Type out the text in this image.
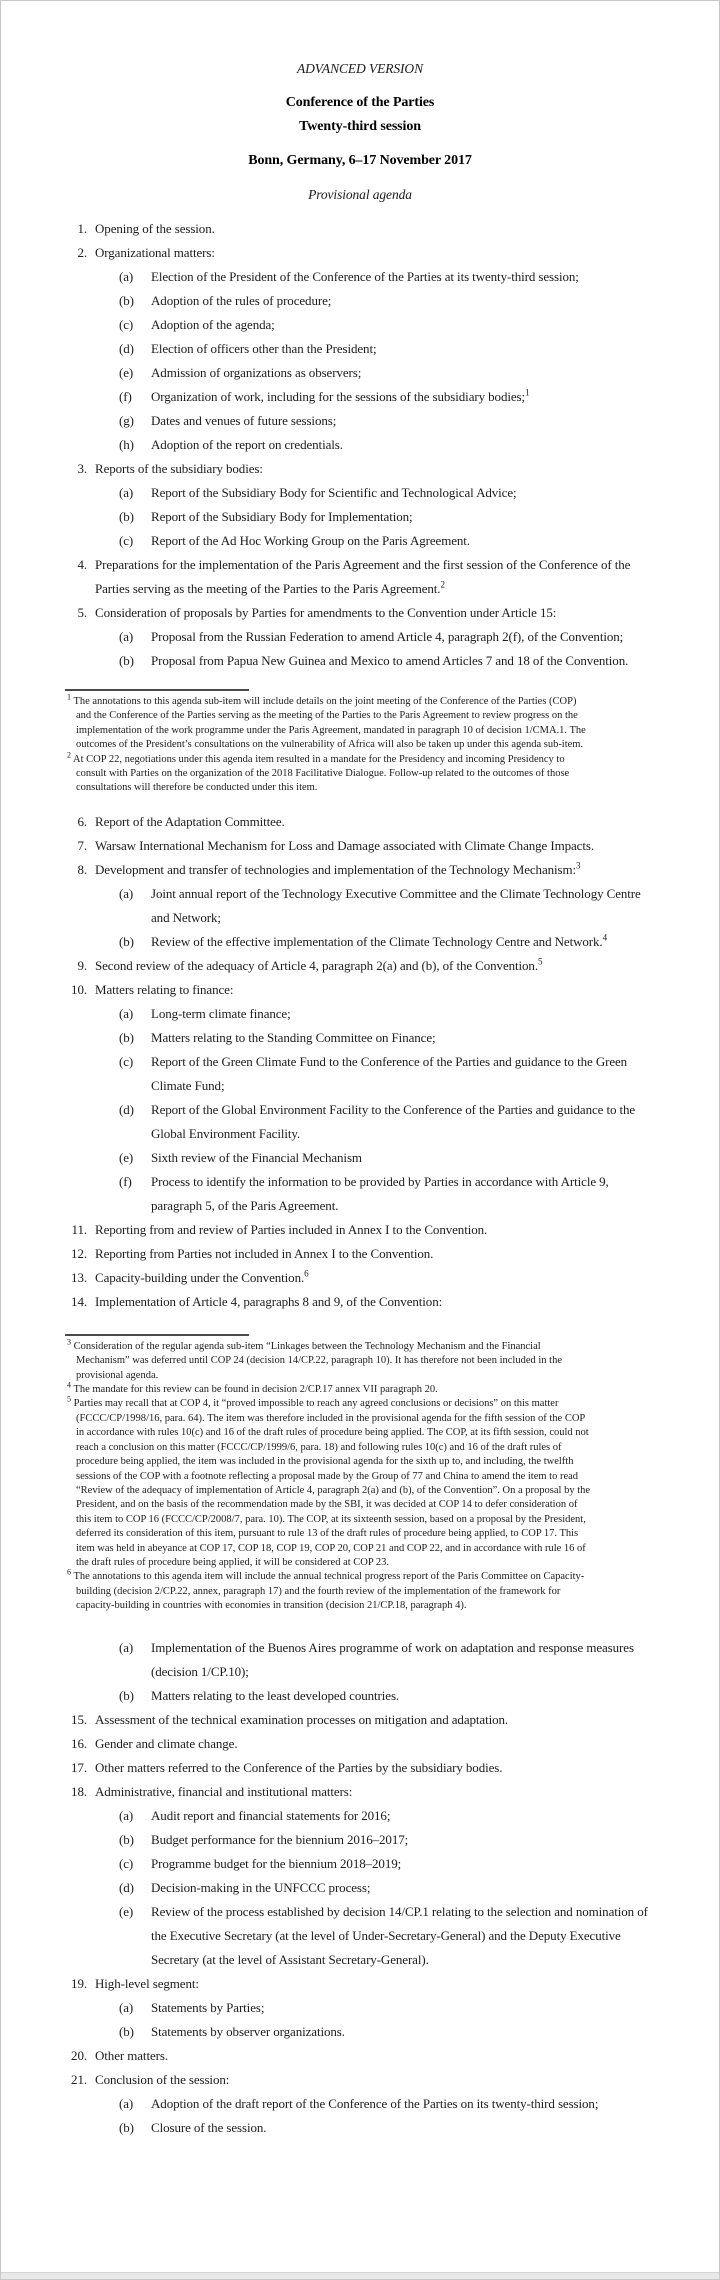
ADVANCED VERSION
Conference of the Parties
Twenty-third session
Bonn, Germany, 6–17 November 2017
Provisional agenda
1. Opening of the session.
2. Organizational matters:
(a)	Election of the President of the Conference of the Parties at its twenty-third session;
(b)	Adoption of the rules of procedure;
(c)	Adoption of the agenda;
(d)	Election of officers other than the President;
(e)	Admission of organizations as observers;
(f)	Organization of work, including for the sessions of the subsidiary bodies;$^1$
(g)	Dates and venues of future sessions;
(h)	Adoption of the report on credentials.
3. Reports of the subsidiary bodies:
(a)	Report of the Subsidiary Body for Scientific and Technological Advice;
(b)	Report of the Subsidiary Body for Implementation;
(c)	Report of the Ad Hoc Working Group on the Paris Agreement.
4. Preparations for the implementation of the Paris Agreement and the first session of the Conference of the Parties serving as the meeting of the Parties to the Paris Agreement.$^2$
5. Consideration of proposals by Parties for amendments to the Convention under Article 15:
(a)	Proposal from the Russian Federation to amend Article 4, paragraph 2(f), of the Convention;
(b)	Proposal from Papua New Guinea and Mexico to amend Articles 7 and 18 of the Convention.
$^1$ The annotations to this agenda sub-item will include details on the joint meeting of the Conference of the Parties (COP) and the Conference of the Parties serving as the meeting of the Parties to the Paris Agreement to review progress on the implementation of the work programme under the Paris Agreement, mandated in paragraph 10 of decision 1/CMA.1. The outcomes of the President’s consultations on the vulnerability of Africa will also be taken up under this agenda sub-item.
$^2$ At COP 22, negotiations under this agenda item resulted in a mandate for the Presidency and incoming Presidency to consult with Parties on the organization of the 2018 Facilitative Dialogue. Follow-up related to the outcomes of those consultations will therefore be conducted under this item.
6. Report of the Adaptation Committee.
7. Warsaw International Mechanism for Loss and Damage associated with Climate Change Impacts.
8. Development and transfer of technologies and implementation of the Technology Mechanism:$^3$
(a)	Joint annual report of the Technology Executive Committee and the Climate Technology Centre and Network;
(b)	Review of the effective implementation of the Climate Technology Centre and Network.$^4$
9. Second review of the adequacy of Article 4, paragraph 2(a) and (b), of the Convention.$^5$
10. Matters relating to finance:
(a)	Long-term climate finance;
(b)	Matters relating to the Standing Committee on Finance;
(c)	Report of the Green Climate Fund to the Conference of the Parties and guidance to the Green Climate Fund;
(d)	Report of the Global Environment Facility to the Conference of the Parties and guidance to the Global Environment Facility.
(e)	Sixth review of the Financial Mechanism
(f)	Process to identify the information to be provided by Parties in accordance with Article 9, paragraph 5, of the Paris Agreement.
11. Reporting from and review of Parties included in Annex I to the Convention.
12. Reporting from Parties not included in Annex I to the Convention.
13. Capacity-building under the Convention.$^6$
14. Implementation of Article 4, paragraphs 8 and 9, of the Convention:
$^3$ Consideration of the regular agenda sub-item “Linkages between the Technology Mechanism and the Financial Mechanism” was deferred until COP 24 (decision 14/CP.22, paragraph 10). It has therefore not been included in the provisional agenda.
$^4$ The mandate for this review can be found in decision 2/CP.17 annex VII paragraph 20.
$^5$ Parties may recall that at COP 4, it “proved impossible to reach any agreed conclusions or decisions” on this matter (FCCC/CP/1998/16, para. 64). The item was therefore included in the provisional agenda for the fifth session of the COP in accordance with rules 10(c) and 16 of the draft rules of procedure being applied. The COP, at its fifth session, could not reach a conclusion on this matter (FCCC/CP/1999/6, para. 18) and following rules 10(c) and 16 of the draft rules of procedure being applied, the item was included in the provisional agenda for the sixth up to, and including, the twelfth sessions of the COP with a footnote reflecting a proposal made by the Group of 77 and China to amend the item to read “Review of the adequacy of implementation of Article 4, paragraph 2(a) and (b), of the Convention”. On a proposal by the President, and on the basis of the recommendation made by the SBI, it was decided at COP 14 to defer consideration of this item to COP 16 (FCCC/CP/2008/7, para. 10). The COP, at its sixteenth session, based on a proposal by the President, deferred its consideration of this item, pursuant to rule 13 of the draft rules of procedure being applied, to COP 17. This item was held in abeyance at COP 17, COP 18, COP 19, COP 20, COP 21 and COP 22, and in accordance with rule 16 of the draft rules of procedure being applied, it will be considered at COP 23.
$^6$ The annotations to this agenda item will include the annual technical progress report of the Paris Committee on Capacity-building (decision 2/CP.22, annex, paragraph 17) and the fourth review of the implementation of the framework for capacity-building in countries with economies in transition (decision 21/CP.18, paragraph 4).
(a)	Implementation of the Buenos Aires programme of work on adaptation and response measures (decision 1/CP.10);
(b)	Matters relating to the least developed countries.
15. Assessment of the technical examination processes on mitigation and adaptation.
16. Gender and climate change.
17. Other matters referred to the Conference of the Parties by the subsidiary bodies.
18. Administrative, financial and institutional matters:
(a)	Audit report and financial statements for 2016;
(b)	Budget performance for the biennium 2016–2017;
(c)	Programme budget for the biennium 2018–2019;
(d)	Decision-making in the UNFCCC process;
(e)	Review of the process established by decision 14/CP.1 relating to the selection and nomination of the Executive Secretary (at the level of Under-Secretary-General) and the Deputy Executive Secretary (at the level of Assistant Secretary-General).
19. High-level segment:
(a)	Statements by Parties;
(b)	Statements by observer organizations.
20. Other matters.
21. Conclusion of the session:
(a)	Adoption of the draft report of the Conference of the Parties on its twenty-third session;
(b)	Closure of the session.
